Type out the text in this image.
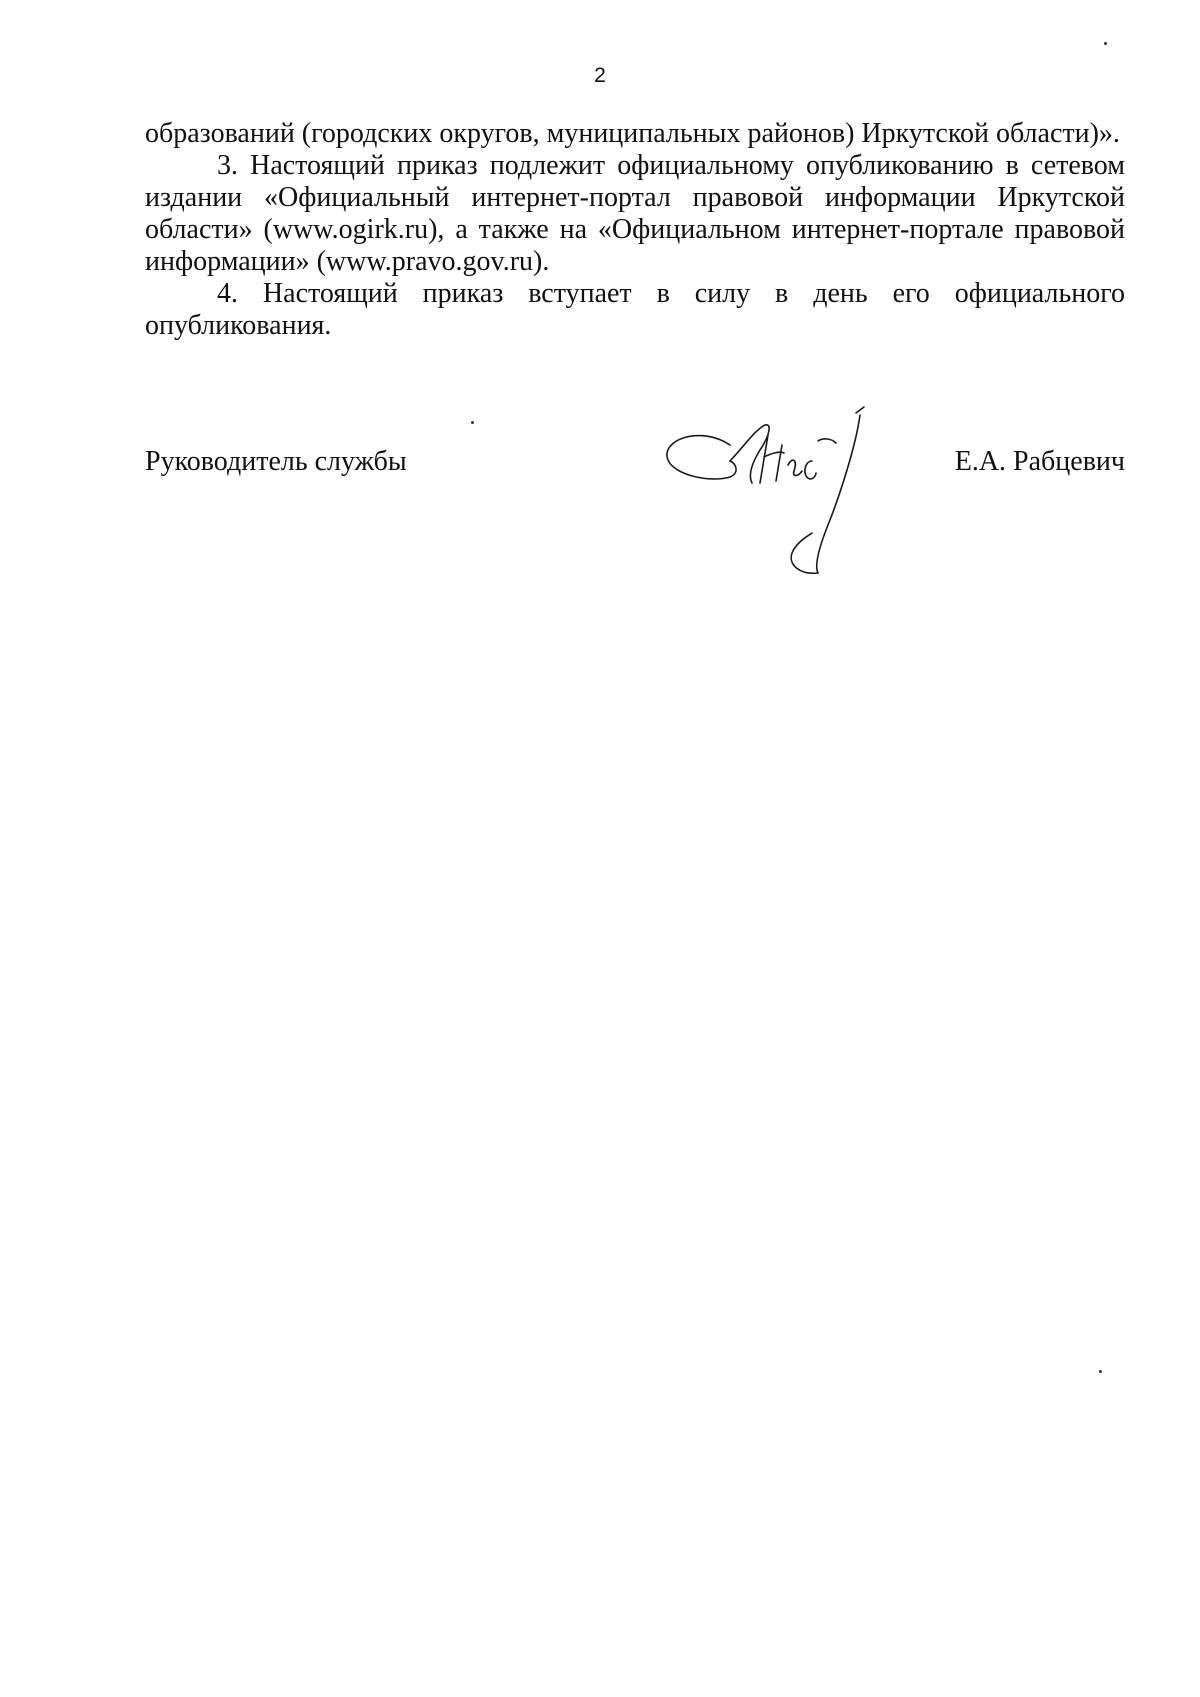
2

образований (городских округов, муниципальных районов) Иркутской области)».

3. Настоящий приказ подлежит официальному опубликованию в сетевом издании «Официальный интернет-портал правовой информации Иркутской области» (www.ogirk.ru), а также на «Официальном интернет-портале правовой информации» (www.pravo.gov.ru).

4. Настоящий приказ вступает в силу в день его официального опубликования.

Руководитель службы	Е.А. Рабцевич
